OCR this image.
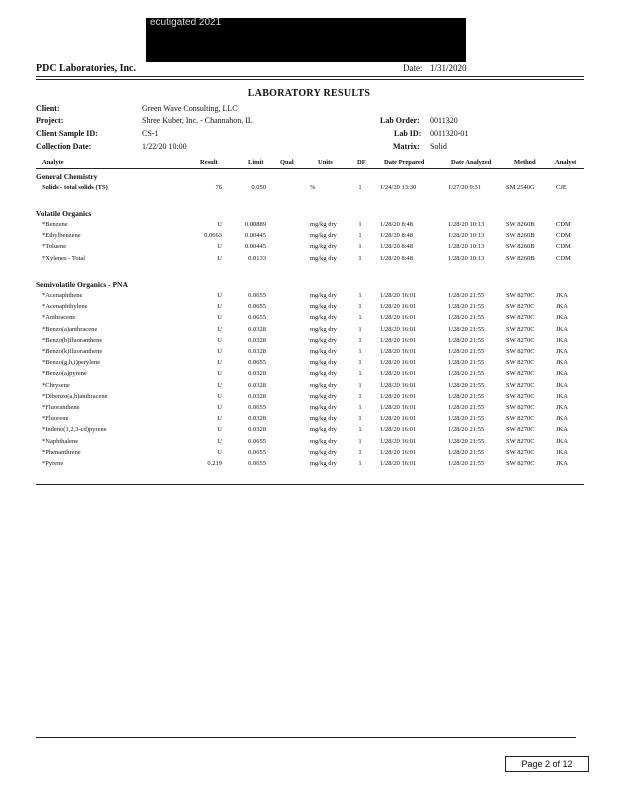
ecutigated 2021
PDC Laboratories, Inc.	Date: 1/31/2020
LABORATORY RESULTS
Client:	Green Wave Consulting, LLC
Project:	Shree Kuber, Inc. - Channahon, IL	Lab Order: 0011320
Client Sample ID:	CS-1	Lab ID: 0011320-01
Collection Date:	1/22/20 10:00	Matrix: Solid
Analyte	Result	Limit	Qual	Units	DF	Date Prepared	Date Analyzed	Method	Analyst
General Chemistry
Solids - total solids (TS)	76	0.050	%	1	1/24/20 13:30	1/27/20 9:31	SM 2540G	CJE
Volatile Organics
*Benzene	U	0.00889	mg/kg dry	1	1/28/20 8:48	1/28/20 10:13	SW 8260B	CDM
*Ethylbenzene	0.0663	0.00445	mg/kg dry	1	1/28/20 8:48	1/28/20 10:13	SW 8260B	CDM
*Toluene	U	0.00445	mg/kg dry	1	1/28/20 8:48	1/28/20 10:13	SW 8260B	CDM
*Xylenes - Total	U	0.0133	mg/kg dry	1	1/28/20 8:48	1/28/20 10:13	SW 8260B	CDM
Semivolatile Organics - PNA
*Acenaphthene	U	0.0655	mg/kg dry	1	1/28/20 16:01	1/28/20 21:55	SW 8270C	JKA
*Acenaphthylene	U	0.0655	mg/kg dry	1	1/28/20 16:01	1/28/20 21:55	SW 8270C	JKA
*Anthracene	U	0.0655	mg/kg dry	1	1/28/20 16:01	1/28/20 21:55	SW 8270C	JKA
*Benzo(a)anthracene	U	0.0328	mg/kg dry	1	1/28/20 16:01	1/28/20 21:55	SW 8270C	JKA
*Benzo(b)fluoranthene	U	0.0328	mg/kg dry	1	1/28/20 16:01	1/28/20 21:55	SW 8270C	JKA
*Benzo(k)fluoranthene	U	0.0328	mg/kg dry	1	1/28/20 16:01	1/28/20 21:55	SW 8270C	JKA
*Benzo(g,h,i)perylene	U	0.0655	mg/kg dry	1	1/28/20 16:01	1/28/20 21:55	SW 8270C	JKA
*Benzo(a)pyrene	U	0.0328	mg/kg dry	1	1/28/20 16:01	1/28/20 21:55	SW 8270C	JKA
*Chrysene	U	0.0328	mg/kg dry	1	1/28/20 16:01	1/28/20 21:55	SW 8270C	JKA
*Dibenzo(a,h)anthracene	U	0.0328	mg/kg dry	1	1/28/20 16:01	1/28/20 21:55	SW 8270C	JKA
*Fluoranthene	U	0.0655	mg/kg dry	1	1/28/20 16:01	1/28/20 21:55	SW 8270C	JKA
*Fluorene	U	0.0328	mg/kg dry	1	1/28/20 16:01	1/28/20 21:55	SW 8270C	JKA
*Indeno(1,2,3-cd)pyrene	U	0.0328	mg/kg dry	1	1/28/20 16:01	1/28/20 21:55	SW 8270C	JKA
*Naphthalene	U	0.0655	mg/kg dry	1	1/28/20 16:01	1/28/20 21:55	SW 8270C	JKA
*Phenanthrene	U	0.0655	mg/kg dry	1	1/28/20 16:01	1/28/20 21:55	SW 8270C	JKA
*Pyrene	0.219	0.0655	mg/kg dry	1	1/28/20 16:01	1/28/20 21:55	SW 8270C	JKA
Page 2 of 12
